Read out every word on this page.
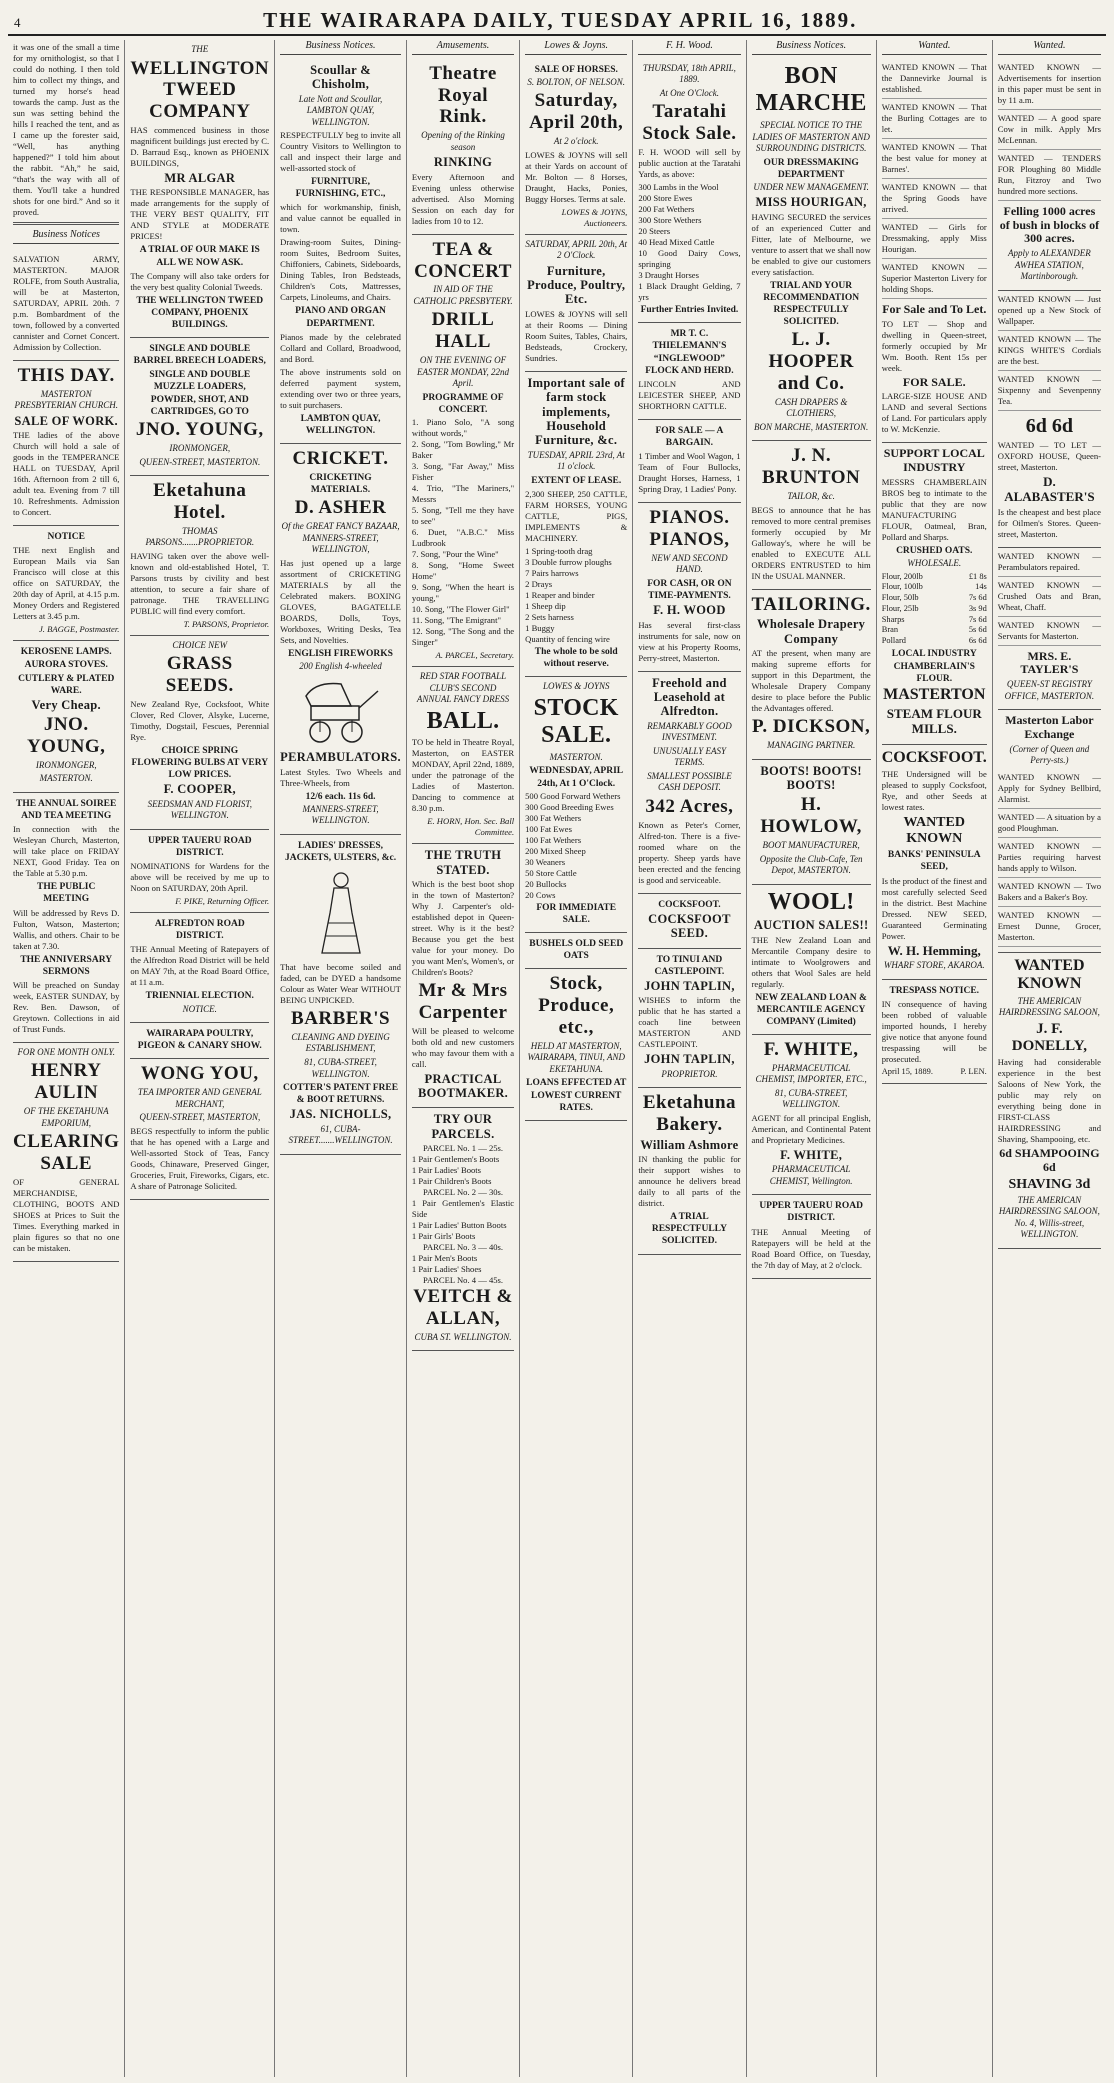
4	THE WAIRARAPA DAILY, TUESDAY APRIL 16, 1889.
it was one of the small a time for my ornithologist, so that I could do nothing. I then told him to collect my things, and turned my horse's head towards the camp. Just as the sun was setting behind the hills I reached the tent, and as I came up the forester said, “Well, has anything happened?” I told him about the rabbit. “Ah,” he said, “that's the way with all of them. You'll take a hundred shots for one bird.” And so it proved.
Business Notices
SALVATION ARMY, MASTERTON. MAJOR ROLFE, from South Australia, will be at Masterton, SATURDAY, APRIL 20th. 7 p.m. Bombardment of the town, followed by a converted cannister and Cornet Concert. Admission by Collection.
THIS DAY.
MASTERTON PRESBYTERIAN CHURCH.
SALE OF WORK.
THE ladies of the above Church will hold a sale of goods in the TEMPERANCE HALL on TUESDAY, April 16th. Afternoon from 2 till 6, adult tea. Evening from 7 till 10. Refreshments. Admission to Concert.
NOTICE
THE next English and European Mails via San Francisco will close at this office on SATURDAY, the 20th day of April, at 4.15 p.m. Money Orders and Registered Letters at 3.45 p.m.
J. BAGGE, Postmaster.
KEROSENE LAMPS.
AURORA STOVES.
CUTLERY & PLATED WARE.
Very Cheap.
JNO. YOUNG,
IRONMONGER,
MASTERTON.
THE ANNUAL SOIREE AND TEA MEETING
In connection with the Wesleyan Church, Masterton, will take place on FRIDAY NEXT, Good Friday. Tea on the Table at 5.30 p.m.
THE PUBLIC MEETING
Will be addressed by Revs D. Fulton, Watson, Masterton; Wallis, and others. Chair to be taken at 7.30.
THE ANNIVERSARY SERMONS
Will be preached on Sunday week, EASTER SUNDAY, by Rev. Ben. Dawson, of Greytown. Collections in aid of Trust Funds.
FOR ONE MONTH ONLY.
HENRY AULIN
OF THE EKETAHUNA EMPORIUM,
CLEARING SALE
OF GENERAL MERCHANDISE, CLOTHING, BOOTS AND SHOES at Prices to Suit the Times. Everything marked in plain figures so that no one can be mistaken.
THE
WELLINGTON TWEED COMPANY
HAS commenced business in those magnificent buildings just erected by C. D. Barraud Esq., known as PHOENIX BUILDINGS,
MR ALGAR
THE RESPONSIBLE MANAGER, has made arrangements for the supply of THE VERY BEST QUALITY, FIT AND STYLE at MODERATE PRICES!
A TRIAL OF OUR MAKE IS ALL WE NOW ASK.
The Company will also take orders for the very best quality Colonial Tweeds.
THE WELLINGTON TWEED COMPANY, PHOENIX BUILDINGS.
SINGLE AND DOUBLE BARREL BREECH LOADERS,
SINGLE AND DOUBLE MUZZLE LOADERS,
POWDER, SHOT, AND CARTRIDGES, GO TO
JNO. YOUNG,
IRONMONGER,
QUEEN-STREET, MASTERTON.
Eketahuna Hotel.
THOMAS PARSONS.......PROPRIETOR.
HAVING taken over the above well-known and old-established Hotel, T. Parsons trusts by civility and best attention, to secure a fair share of patronage. THE TRAVELLING PUBLIC will find every comfort.
T. PARSONS, Proprietor.
CHOICE NEW
GRASS SEEDS.
New Zealand Rye, Cocksfoot, White Clover, Red Clover, Alsyke, Lucerne, Timothy, Dogstail, Fescues, Perennial Rye.
CHOICE SPRING FLOWERING BULBS AT VERY LOW PRICES.
F. COOPER,
SEEDSMAN AND FLORIST, WELLINGTON.
UPPER TAUERU ROAD DISTRICT.
NOMINATIONS for Wardens for the above will be received by me up to Noon on SATURDAY, 20th April.
F. PIKE, Returning Officer.
ALFREDTON ROAD DISTRICT.
THE Annual Meeting of Ratepayers of the Alfredton Road District will be held on MAY 7th, at the Road Board Office, at 11 a.m.
TRIENNIAL ELECTION.
NOTICE.
WAIRARAPA POULTRY, PIGEON & CANARY SHOW.
WONG YOU,
TEA IMPORTER AND GENERAL MERCHANT,
QUEEN-STREET, MASTERTON,
BEGS respectfully to inform the public that he has opened with a Large and Well-assorted Stock of Teas, Fancy Goods, Chinaware, Preserved Ginger, Groceries, Fruit, Fireworks, Cigars, etc. A share of Patronage Solicited.
Business Notices.
Scoullar & Chisholm,
Late Nott and Scoullar, LAMBTON QUAY, WELLINGTON.
RESPECTFULLY beg to invite all Country Visitors to Wellington to call and inspect their large and well-assorted stock of
FURNITURE, FURNISHING, ETC.,
which for workmanship, finish, and value cannot be equalled in town.
Drawing-room Suites, Dining-room Suites, Bedroom Suites, Chiffoniers, Cabinets, Sideboards, Dining Tables, Iron Bedsteads, Children's Cots, Mattresses, Carpets, Linoleums, and Chairs.
PIANO AND ORGAN DEPARTMENT.
Pianos made by the celebrated Collard and Collard, Broadwood, and Bord.
The above instruments sold on deferred payment system, extending over two or three years, to suit purchasers.
LAMBTON QUAY, WELLINGTON.
CRICKET.
CRICKETING MATERIALS.
D. ASHER
Of the GREAT FANCY BAZAAR, MANNERS-STREET, WELLINGTON,
Has just opened up a large assortment of CRICKETING MATERIALS by all the Celebrated makers. BOXING GLOVES, BAGATELLE BOARDS, Dolls, Toys, Workboxes, Writing Desks, Tea Sets, and Novelties.
ENGLISH FIREWORKS
200 English 4-wheeled
PERAMBULATORS.
Latest Styles. Two Wheels and Three-Wheels, from
12/6 each. 11s 6d.
MANNERS-STREET, WELLINGTON.
LADIES' DRESSES, JACKETS, ULSTERS, &c.
That have become soiled and faded, can be DYED a handsome Colour as Water Wear WITHOUT BEING UNPICKED.
BARBER'S
CLEANING AND DYEING ESTABLISHMENT,
81, CUBA-STREET, WELLINGTON.
COTTER'S PATENT FREE & BOOT RETURNS.
JAS. NICHOLLS,
61, CUBA-STREET.......WELLINGTON.
Amusements.
Theatre Royal Rink.
Opening of the Rinking season
RINKING
Every Afternoon and Evening unless otherwise advertised. Also Morning Session on each day for ladies from 10 to 12.
TEA & CONCERT
IN AID OF THE CATHOLIC PRESBYTERY.
DRILL HALL
ON THE EVENING OF EASTER MONDAY, 22nd April.
PROGRAMME OF CONCERT.
1. Piano Solo, "A song without words,"
2. Song, "Tom Bowling," Mr Baker
3. Song, "Far Away," Miss Fisher
4. Trio, "The Mariners," Messrs
5. Song, "Tell me they have to see"
6. Duet, "A.B.C." Miss Ludbrook
7. Song, "Pour the Wine"
8. Song, "Home Sweet Home"
9. Song, "When the heart is young,"
10. Song, "The Flower Girl"
11. Song, "The Emigrant"
12. Song, "The Song and the Singer"
A. PARCEL, Secretary.
RED STAR FOOTBALL CLUB'S SECOND ANNUAL FANCY DRESS
BALL.
TO be held in Theatre Royal, Masterton, on EASTER MONDAY, April 22nd, 1889, under the patronage of the Ladies of Masterton. Dancing to commence at 8.30 p.m.
E. HORN, Hon. Sec. Ball Committee.
THE TRUTH STATED.
Which is the best boot shop in the town of Masterton? Why J. Carpenter's old-established depot in Queen-street. Why is it the best? Because you get the best value for your money. Do you want Men's, Women's, or Children's Boots?
Mr & Mrs Carpenter
Will be pleased to welcome both old and new customers who may favour them with a call.
PRACTICAL BOOTMAKER.
TRY OUR PARCELS.
PARCEL No. 1 — 25s.
1 Pair Gentlemen's Boots
1 Pair Ladies' Boots
1 Pair Children's Boots
PARCEL No. 2 — 30s.
1 Pair Gentlemen's Elastic Side
1 Pair Ladies' Button Boots
1 Pair Girls' Boots
PARCEL No. 3 — 40s.
1 Pair Men's Boots
1 Pair Ladies' Shoes
PARCEL No. 4 — 45s.
VEITCH & ALLAN,
CUBA ST. WELLINGTON.
Lowes & Joyns.
SALE OF HORSES.
S. BOLTON, OF NELSON.
Saturday, April 20th,
At 2 o'clock.
LOWES & JOYNS will sell at their Yards on account of Mr. Bolton — 8 Horses, Draught, Hacks, Ponies, Buggy Horses. Terms at sale.
LOWES & JOYNS, Auctioneers.
SATURDAY, APRIL 20th, At 2 O'Clock.
Furniture, Produce, Poultry, Etc.
LOWES & JOYNS will sell at their Rooms — Dining Room Suites, Tables, Chairs, Bedsteads, Crockery, Sundries.
Important sale of farm stock implements, Household Furniture, &c.
TUESDAY, APRIL 23rd, At 11 o'clock.
EXTENT OF LEASE.
2,300 SHEEP, 250 CATTLE, FARM HORSES, YOUNG CATTLE, PIGS, IMPLEMENTS & MACHINERY.
1 Spring-tooth drag
3 Double furrow ploughs
7 Pairs harrows
2 Drays
1 Reaper and binder
1 Sheep dip
2 Sets harness
1 Buggy
Quantity of fencing wire
The whole to be sold without reserve.
LOWES & JOYNS
STOCK SALE.
MASTERTON.
WEDNESDAY, APRIL 24th, At 1 O'Clock.
500 Good Forward Wethers
300 Good Breeding Ewes
300 Fat Wethers
100 Fat Ewes
100 Fat Wethers
200 Mixed Sheep
30 Weaners
50 Store Cattle
20 Bullocks
20 Cows
FOR IMMEDIATE SALE.
BUSHELS OLD SEED OATS
Stock, Produce, etc.,
HELD AT MASTERTON, WAIRARAPA, TINUI, AND EKETAHUNA.
LOANS EFFECTED AT LOWEST CURRENT RATES.
F. H. Wood.
THURSDAY, 18th APRIL, 1889.
At One O'Clock.
Taratahi Stock Sale.
F. H. WOOD will sell by public auction at the Taratahi Yards, as above:
300 Lambs in the Wool
200 Store Ewes
200 Fat Wethers
300 Store Wethers
20 Steers
40 Head Mixed Cattle
10 Good Dairy Cows, springing
3 Draught Horses
1 Black Draught Gelding, 7 yrs
Further Entries Invited.
MR T. C. THIELEMANN'S “INGLEWOOD” FLOCK AND HERD.
LINCOLN AND LEICESTER SHEEP, AND SHORTHORN CATTLE.
FOR SALE — A BARGAIN.
1 Timber and Wool Wagon, 1 Team of Four Bullocks, Draught Horses, Harness, 1 Spring Dray, 1 Ladies' Pony.
PIANOS. PIANOS,
NEW AND SECOND HAND.
FOR CASH, OR ON TIME-PAYMENTS.
F. H. WOOD
Has several first-class instruments for sale, now on view at his Property Rooms, Perry-street, Masterton.
Freehold and Leasehold at Alfredton.
REMARKABLY GOOD INVESTMENT.
UNUSUALLY EASY TERMS.
SMALLEST POSSIBLE CASH DEPOSIT.
342 Acres,
Known as Peter's Corner, Alfred-ton. There is a five-roomed whare on the property. Sheep yards have been erected and the fencing is good and serviceable.
COCKSFOOT.
COCKSFOOT SEED.
TO TINUI AND CASTLEPOINT.
JOHN TAPLIN,
WISHES to inform the public that he has started a coach line between MASTERTON AND CASTLEPOINT.
JOHN TAPLIN,
PROPRIETOR.
Eketahuna Bakery.
William Ashmore
IN thanking the public for their support wishes to announce he delivers bread daily to all parts of the district.
A TRIAL RESPECTFULLY SOLICITED.
Business Notices.
BON MARCHE
SPECIAL NOTICE TO THE LADIES OF MASTERTON AND SURROUNDING DISTRICTS.
OUR DRESSMAKING DEPARTMENT
UNDER NEW MANAGEMENT.
MISS HOURIGAN,
HAVING SECURED the services of an experienced Cutter and Fitter, late of Melbourne, we venture to assert that we shall now be enabled to give our customers every satisfaction.
TRIAL AND YOUR RECOMMENDATION RESPECTFULLY SOLICITED.
L. J. HOOPER and Co.
CASH DRAPERS & CLOTHIERS,
BON MARCHE, MASTERTON.
J. N. BRUNTON
TAILOR, &c.
BEGS to announce that he has removed to more central premises formerly occupied by Mr Galloway's, where he will be enabled to EXECUTE ALL ORDERS ENTRUSTED to him IN the USUAL MANNER.
TAILORING.
Wholesale Drapery Company
AT the present, when many are making supreme efforts for support in this Department, the Wholesale Drapery Company desire to place before the Public the Advantages offered.
P. DICKSON,
MANAGING PARTNER.
BOOTS! BOOTS! BOOTS!
H. HOWLOW,
BOOT MANUFACTURER,
Opposite the Club-Cafe, Ten Depot, MASTERTON.
WOOL!
AUCTION SALES!!
THE New Zealand Loan and Mercantile Company desire to intimate to Woolgrowers and others that Wool Sales are held regularly.
NEW ZEALAND LOAN & MERCANTILE AGENCY COMPANY (Limited)
F. WHITE,
PHARMACEUTICAL CHEMIST, IMPORTER, ETC.,
81, CUBA-STREET, WELLINGTON.
AGENT for all principal English, American, and Continental Patent and Proprietary Medicines.
F. WHITE,
PHARMACEUTICAL CHEMIST, Wellington.
UPPER TAUERU ROAD DISTRICT.
THE Annual Meeting of Ratepayers will be held at the Road Board Office, on Tuesday, the 7th day of May, at 2 o'clock.
Wanted.
WANTED KNOWN — That the Dannevirke Journal is established.
WANTED KNOWN — That the Burling Cottages are to let.
WANTED KNOWN — That the best value for money at Barnes'.
WANTED KNOWN — that the Spring Goods have arrived.
WANTED — Girls for Dressmaking, apply Miss Hourigan.
WANTED KNOWN — Superior Masterton Livery for holding Shops.
For Sale and To Let.
TO LET — Shop and dwelling in Queen-street, formerly occupied by Mr Wm. Booth. Rent 15s per week.
FOR SALE.
LARGE-SIZE HOUSE AND LAND and several Sections of Land. For particulars apply to W. McKenzie.
SUPPORT LOCAL INDUSTRY
MESSRS CHAMBERLAIN BROS beg to intimate to the public that they are now MANUFACTURING FLOUR, Oatmeal, Bran, Pollard and Sharps.
CRUSHED OATS.
WHOLESALE.
Flour, 200lb	£1 8s
Flour, 100lb	14s
Flour, 50lb	7s 6d
Flour, 25lb	3s 9d
Sharps	7s 6d
Bran	5s 6d
Pollard	6s 6d
LOCAL INDUSTRY
CHAMBERLAIN'S FLOUR.
MASTERTON
STEAM FLOUR MILLS.
COCKSFOOT.
THE Undersigned will be pleased to supply Cocksfoot, Rye, and other Seeds at lowest rates.
WANTED KNOWN
BANKS' PENINSULA SEED,
Is the product of the finest and most carefully selected Seed in the district. Best Machine Dressed. NEW SEED, Guaranteed Germinating Power.
W. H. Hemming,
WHARF STORE, AKAROA.
TRESPASS NOTICE.
IN consequence of having been robbed of valuable imported hounds, I hereby give notice that anyone found trespassing will be prosecuted.
April 15, 1889.	P. LEN.
Wanted.
WANTED KNOWN — Advertisements for insertion in this paper must be sent in by 11 a.m.
WANTED — A good spare Cow in milk. Apply Mrs McLennan.
WANTED — TENDERS FOR Ploughing 80 Middle Run, Fitzroy and Two hundred more sections.
Felling 1000 acres of bush in blocks of 300 acres.
Apply to ALEXANDER AWHEA STATION, Martinborough.
WANTED KNOWN — Just opened up a New Stock of Wallpaper.
WANTED KNOWN — The KINGS WHITE'S Cordials are the best.
WANTED KNOWN — Sixpenny and Sevenpenny Tea.
6d 6d
WANTED — TO LET — OXFORD HOUSE, Queen-street, Masterton.
D. ALABASTER'S
Is the cheapest and best place for Oilmen's Stores. Queen-street, Masterton.
WANTED KNOWN — Perambulators repaired.
WANTED KNOWN — Crushed Oats and Bran, Wheat, Chaff.
WANTED KNOWN — Servants for Masterton.
MRS. E. TAYLER'S
QUEEN-ST REGISTRY OFFICE, MASTERTON.
Masterton Labor Exchange
(Corner of Queen and Perry-sts.)
WANTED KNOWN — Apply for Sydney Bellbird, Alarmist.
WANTED — A situation by a good Ploughman.
WANTED KNOWN — Parties requiring harvest hands apply to Wilson.
WANTED KNOWN — Two Bakers and a Baker's Boy.
WANTED KNOWN — Ernest Dunne, Grocer, Masterton.
WANTED KNOWN
THE AMERICAN HAIRDRESSING SALOON,
J. F. DONELLY,
Having had considerable experience in the best Saloons of New York, the public may rely on everything being done in FIRST-CLASS HAIRDRESSING and Shaving, Shampooing, etc.
6d SHAMPOOING 6d
SHAVING 3d
THE AMERICAN HAIRDRESSING SALOON, No. 4, Willis-street, WELLINGTON.
